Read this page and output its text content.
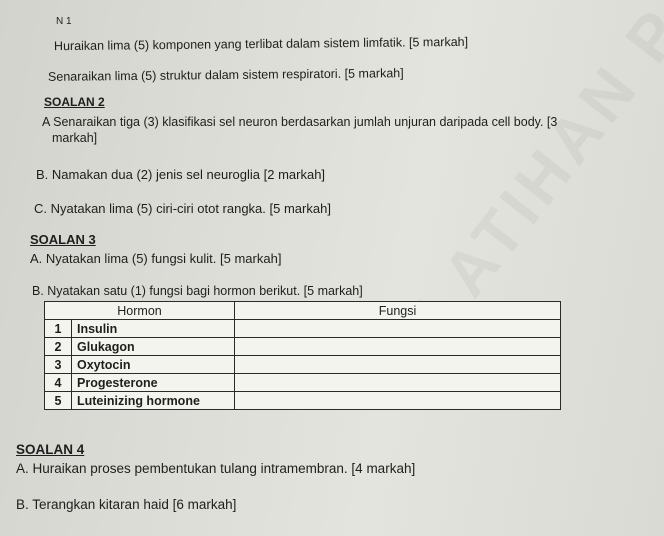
N 1
Huraikan lima (5) komponen yang terlibat dalam sistem limfatik. [5 markah]
Senaraikan lima (5) struktur dalam sistem respiratori. [5 markah]
SOALAN 2
A Senaraikan tiga (3) klasifikasi sel neuron berdasarkan jumlah unjuran daripada cell body. [3
markah]
B. Namakan dua (2) jenis sel neuroglia [2 markah]
C. Nyatakan lima (5) ciri-ciri otot rangka. [5 markah]
SOALAN 3
A. Nyatakan lima (5) fungsi kulit. [5 markah]
B. Nyatakan satu (1) fungsi bagi hormon berikut. [5 markah]
Hormon		Fungsi
1	Insulin	
2	Glukagon	
3	Oxytocin	
4	Progesterone	
5	Luteinizing hormone	
SOALAN 4
A. Huraikan proses pembentukan tulang intramembran. [4 markah]
B. Terangkan kitaran haid [6 markah]
